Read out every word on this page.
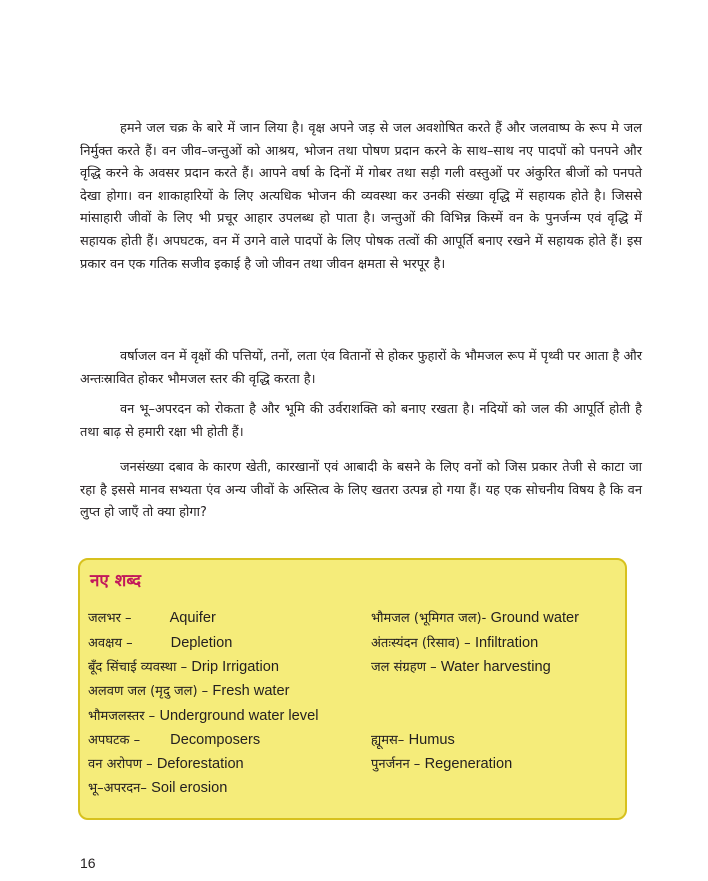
हमने जल चक्र के बारे में जान लिया है। वृक्ष अपने जड़ से जल अवशोषित करते हैं और जलवाष्प के रूप मे जल निर्मुक्त करते हैं। वन जीव–जन्तुओं को आश्रय, भोजन तथा पोषण प्रदान करने के साथ–साथ नए पादपों को पनपने और वृद्धि करने के अवसर प्रदान करते हैं। आपने वर्षा के दिनों में गोबर तथा सड़ी गली वस्तुओं पर अंकुरित बीजों को पनपते देखा होगा। वन शाकाहारियों के लिए अत्यधिक भोजन की व्यवस्था कर उनकी संख्या वृद्धि में सहायक होते है। जिससे मांसाहारी जीवों के लिए भी प्रचूर आहार उपलब्ध हो पाता है। जन्तुओं की विभिन्न किस्में वन के पुनर्जन्म एवं वृद्धि में सहायक होती हैं। अपघटक, वन में उगने वाले पादपों के लिए पोषक तत्वों की आपूर्ति बनाए रखने में सहायक होते हैं। इस प्रकार वन एक गतिक सजीव इकाई है जो जीवन तथा जीवन क्षमता से भरपूर है।

वर्षाजल वन में वृक्षों की पत्तियों, तनों, लता एंव वितानों से होकर फुहारों के भौमजल रूप में पृथ्वी पर आता है और अन्तःस्रावित होकर भौमजल स्तर की वृद्धि करता है।

वन भू–अपरदन को रोकता है और भूमि की उर्वराशक्ति को बनाए रखता है। नदियों को जल की आपूर्ति होती है तथा बाढ़ से हमारी रक्षा भी होती हैं।

जनसंख्या दबाव के कारण खेती, कारखानों एवं आबादी के बसने के लिए वनों को जिस प्रकार तेजी से काटा जा रहा है इससे मानव सभ्यता एंव अन्य जीवों के अस्तित्व के लिए खतरा उत्पन्न हो गया हैं। यह एक सोचनीय विषय है कि वन लुप्त हो जाएँ तो क्या होगा?

नए शब्द

जलभर –	Aquifer	भौमजल (भूमिगत जल)- Ground water
अवक्षय –	Depletion	अंतःस्यंदन (रिसाव) – Infiltration
बूँद सिंचाई व्यवस्था – Drip Irrigation	जल संग्रहण – Water harvesting
अलवण जल (मृदु जल) – Fresh water
भौमजलस्तर – Underground water level
अपघटक – Decomposers	ह्यूमस– Humus
वन अरोपण – Deforestation	पुनर्जनन – Regeneration
भू–अपरदन– Soil erosion
16
